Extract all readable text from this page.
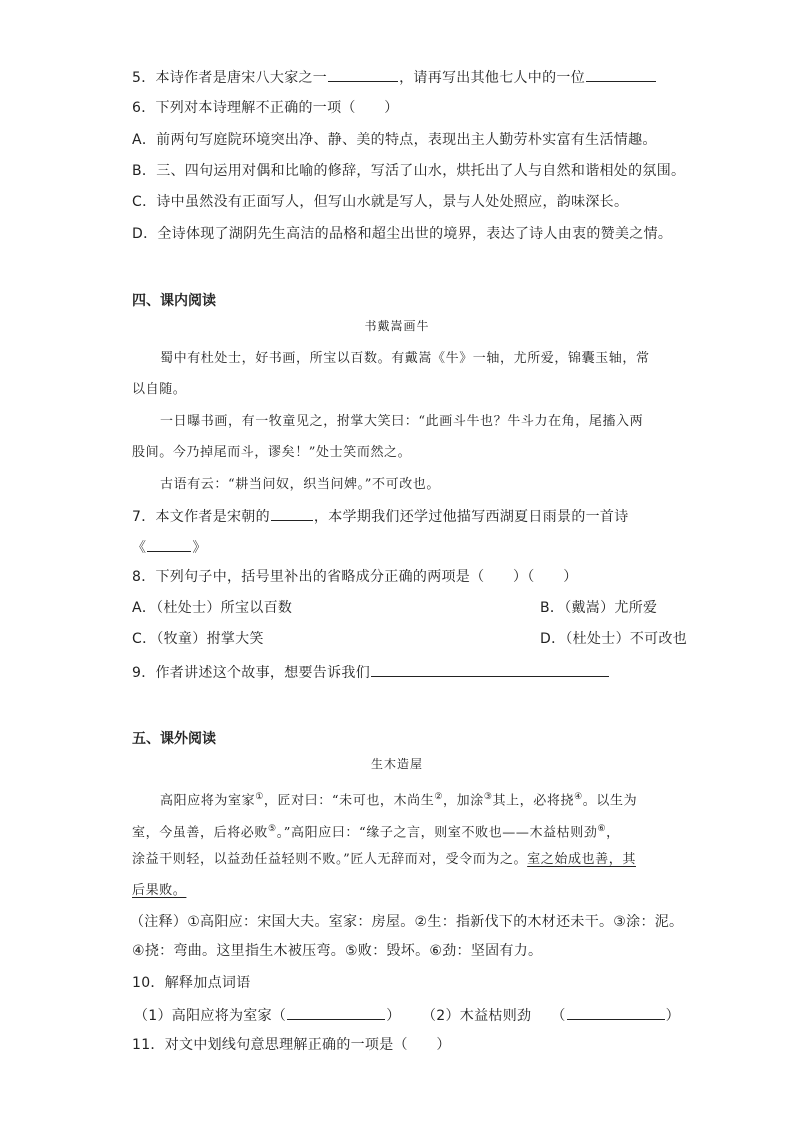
5．本诗作者是唐宋八大家之一	，请再写出其他七人中的一位
6．下列对本诗理解不正确的一项（　　）
A．前两句写庭院环境突出净、静、美的特点，表现出主人勤劳朴实富有生活情趣。
B．三、四句运用对偶和比喻的修辞，写活了山水，烘托出了人与自然和谐相处的氛围。
C．诗中虽然没有正面写人，但写山水就是写人，景与人处处照应，韵味深长。
D．全诗体现了湖阴先生高洁的品格和超尘出世的境界，表达了诗人由衷的赞美之情。
四、课内阅读
书戴嵩画牛
蜀中有杜处士，好书画，所宝以百数。有戴嵩《牛》一轴，尤所爱，锦囊玉轴，常
以自随。
一日曝书画，有一牧童见之，拊掌大笑曰：“此画斗牛也？牛斗力在角，尾搐入两
股间。今乃掉尾而斗，谬矣！”处士笑而然之。
古语有云：“耕当问奴，织当问婢。”不可改也。
7．本文作者是宋朝的	，本学期我们还学过他描写西湖夏日雨景的一首诗
《	》
8．下列句子中，括号里补出的省略成分正确的两项是（　　）（　　）
A．（杜处士）所宝以百数	B．（戴嵩）尤所爱
C．（牧童）拊掌大笑	D．（杜处士）不可改也
9．作者讲述这个故事，想要告诉我们
五、课外阅读
生木造屋
高阳应将为室家①，匠对曰：“未可也，木尚生②，加涂③其上，必将挠④。以生为
室，今虽善，后将必败⑤。”高阳应曰：“缘子之言，则室不败也——木益枯则劲⑥，
涂益干则轻，以益劲任益轻则不败。”匠人无辞而对，受令而为之。室之始成也善，其
后果败。
（注释）①高阳应：宋国大夫。室家：房屋。②生：指新伐下的木材还未干。③涂：泥。
④挠：弯曲。这里指生木被压弯。⑤败：毁坏。⑥劲：坚固有力。
10．解释加点词语
（1）高阳应将为室家（	） （2）木益枯则劲 （	）
11．对文中划线句意思理解正确的一项是（　　）
